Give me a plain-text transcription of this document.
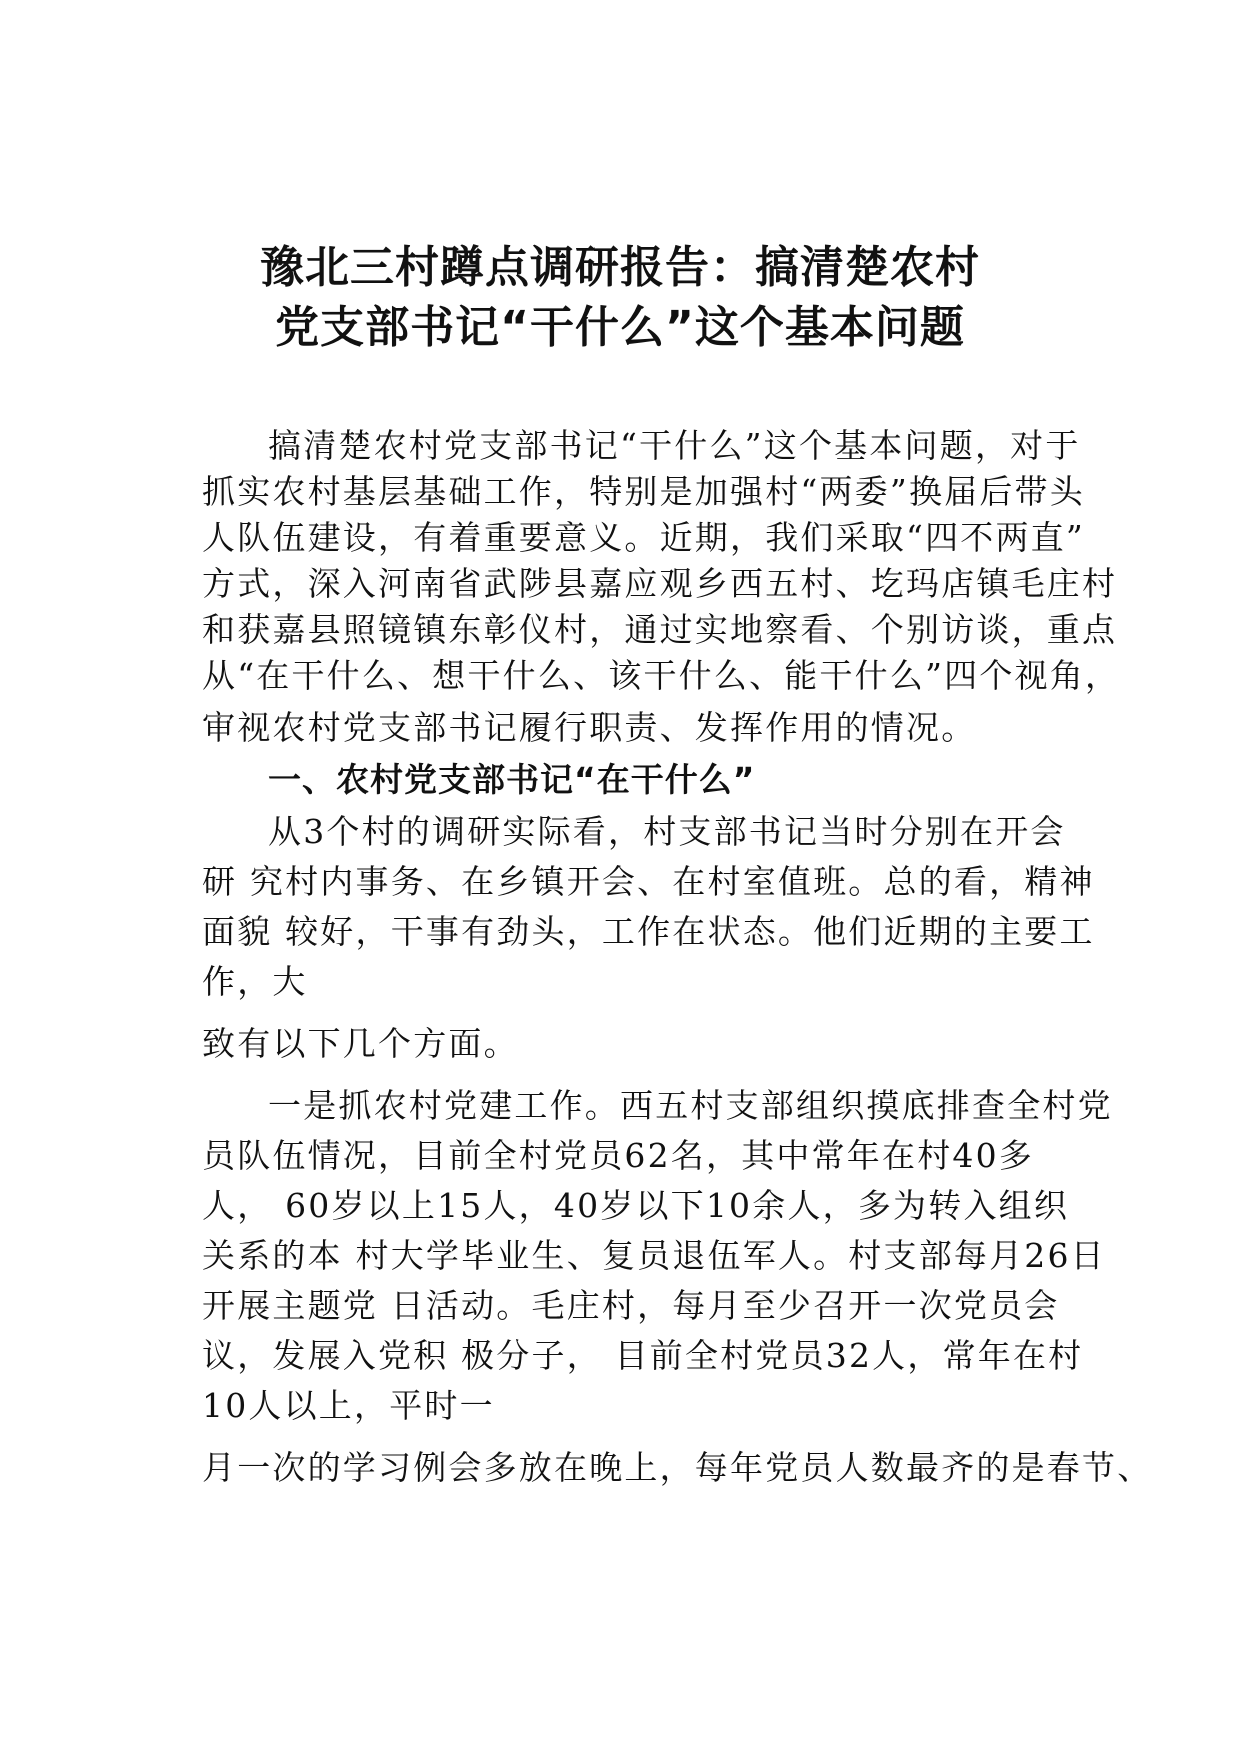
豫北三村蹲点调研报告：搞清楚农村
党支部书记“干什么”这个基本问题
搞清楚农村党支部书记“干什么”这个基本问题，对于
抓实农村基层基础工作，特别是加强村“两委”换届后带头
人队伍建设，有着重要意义。近期，我们采取“四不两直”
方式，深入河南省武陟县嘉应观乡西五村、圪玛店镇毛庄村
和获嘉县照镜镇东彰仪村，通过实地察看、个别访谈，重点
从“在干什么、想干什么、该干什么、能干什么”四个视角，
审视农村党支部书记履行职责、发挥作用的情况。
一、农村党支部书记“在干什么”
从3个村的调研实际看，村支部书记当时分别在开会
研 究村内事务、在乡镇开会、在村室值班。总的看，精神
面貌 较好，干事有劲头，工作在状态。他们近期的主要工
作，大
致有以下几个方面。
一是抓农村党建工作。西五村支部组织摸底排查全村党
员队伍情况，目前全村党员62名，其中常年在村40多
人， 60岁以上15人，40岁以下10余人，多为转入组织
关系的本 村大学毕业生、复员退伍军人。村支部每月26日
开展主题党 日活动。毛庄村，每月至少召开一次党员会
议，发展入党积 极分子， 目前全村党员32人，常年在村
10人以上，平时一
月一次的学习例会多放在晚上，每年党员人数最齐的是春节、
